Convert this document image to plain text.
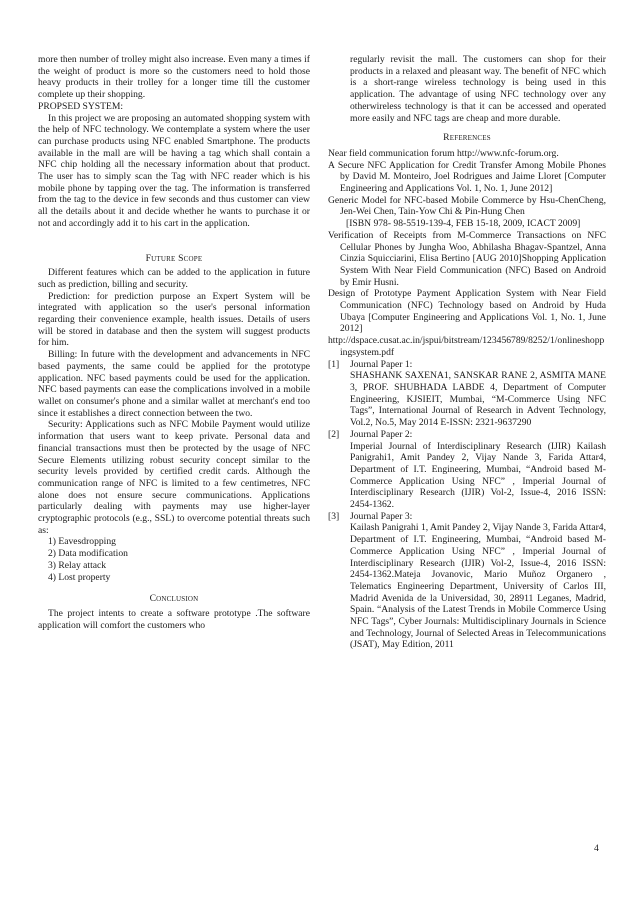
more then number of trolley might also increase. Even many a times if the weight of product is more so the customers need to hold those heavy products in their trolley for a longer time till the customer complete up their shopping.

PROPSED SYSTEM:

In this project we are proposing an automated shopping system with the help of NFC technology. We contemplate a system where the user can purchase products using NFC enabled Smartphone. The products available in the mall are will be having a tag which shall contain a NFC chip holding all the necessary information about that product. The user has to simply scan the Tag with NFC reader which is his mobile phone by tapping over the tag. The information is transferred from the tag to the device in few seconds and thus customer can view all the details about it and decide whether he wants to purchase it or not and accordingly add it to his cart in the application.

Future Scope

Different features which can be added to the application in future such as prediction, billing and security.

Prediction: for prediction purpose an Expert System will be integrated with application so the user's personal information regarding their convenience example, health issues. Details of users will be stored in database and then the system will suggest products for him.

Billing: In future with the development and advancements in NFC based payments, the same could be applied for the prototype application. NFC based payments could be used for the application. NFC based payments can ease the complications involved in a mobile wallet on consumer's phone and a similar wallet at merchant's end too since it establishes a direct connection between the two.

Security: Applications such as NFC Mobile Payment would utilize information that users want to keep private. Personal data and financial transactions must then be protected by the usage of NFC Secure Elements utilizing robust security concept similar to the security levels provided by certified credit cards. Although the communication range of NFC is limited to a few centimetres, NFC alone does not ensure secure communications. Applications particularly dealing with payments may use higher-layer cryptographic protocols (e.g., SSL) to overcome potential threats such as:

1) Eavesdropping

2) Data modification

3) Relay attack

4) Lost property

Conclusion

The project intents to create a software prototype .The software application will comfort the customers who

regularly revisit the mall. The customers can shop for their products in a relaxed and pleasant way. The benefit of NFC which is a short-range wireless technology is being used in this application. The advantage of using NFC technology over any otherwireless technology is that it can be accessed and operated more easily and NFC tags are cheap and more durable.

References

Near field communication forum http://www.nfc-forum.org.

A Secure NFC Application for Credit Transfer Among Mobile Phones by David M. Monteiro, Joel Rodrigues and Jaime Lloret [Computer Engineering and Applications Vol. 1, No. 1, June 2012]

Generic Model for NFC-based Mobile Commerce by Hsu-ChenCheng, Jen-Wei Chen, Tain-Yow Chi & Pin-Hung Chen

[ISBN 978- 98-5519-139-4, FEB 15-18, 2009, ICACT 2009]

Verification of Receipts from M-Commerce Transactions on NFC Cellular Phones by Jungha Woo, Abhilasha Bhagav-Spantzel, Anna Cinzia Squicciarini, Elisa Bertino [AUG 2010]Shopping Application System With Near Field Communication (NFC) Based on Android by Emir Husni.

Design of Prototype Payment Application System with Near Field Communication (NFC) Technology based on Android by Huda Ubaya [Computer Engineering and Applications Vol. 1, No. 1, June 2012]

http://dspace.cusat.ac.in/jspui/bitstream/123456789/8252/1/onlineshoppingsystem.pdf

[1] Journal Paper 1:

SHASHANK SAXENA1, SANSKAR RANE 2, ASMITA MANE 3, PROF. SHUBHADA LABDE 4, Department of Computer Engineering, KJSIEIT, Mumbai, “M-Commerce Using NFC Tags”, International Journal of Research in Advent Technology, Vol.2, No.5, May 2014 E-ISSN: 2321-9637290

[2] Journal Paper 2:

Imperial Journal of Interdisciplinary Research (IJIR) Kailash Panigrahi1, Amit Pandey 2, Vijay Nande 3, Farida Attar4, Department of I.T. Engineering, Mumbai, “Android based M-Commerce Application Using NFC” , Imperial Journal of Interdisciplinary Research (IJIR) Vol-2, Issue-4, 2016 ISSN: 2454-1362.

[3] Journal Paper 3:

Kailash Panigrahi 1, Amit Pandey 2, Vijay Nande 3, Farida Attar4, Department of I.T. Engineering, Mumbai, “Android based M-Commerce Application Using NFC” , Imperial Journal of Interdisciplinary Research (IJIR) Vol-2, Issue-4, 2016 ISSN: 2454-1362.Mateja Jovanovic, Mario Muñoz Organero , Telematics Engineering Department, University of Carlos III, Madrid Avenida de la Universidad, 30, 28911 Leganes, Madrid, Spain. “Analysis of the Latest Trends in Mobile Commerce Using NFC Tags”, Cyber Journals: Multidisciplinary Journals in Science and Technology, Journal of Selected Areas in Telecommunications (JSAT), May Edition, 2011

4
